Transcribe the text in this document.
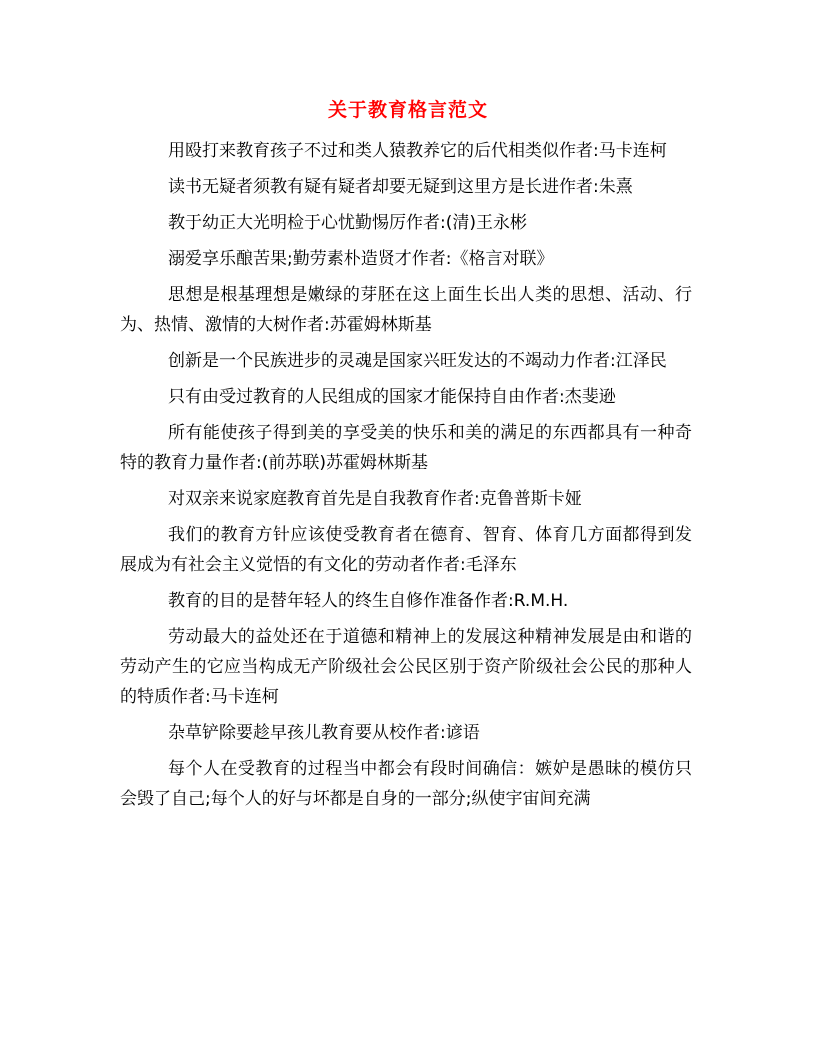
关于教育格言范文

用殴打来教育孩子不过和类人猿教养它的后代相类似作者:马卡连柯

读书无疑者须教有疑有疑者却要无疑到这里方是长进作者:朱熹

教于幼正大光明检于心忧勤惕厉作者:(清)王永彬

溺爱享乐酿苦果;勤劳素朴造贤才作者:《格言对联》

思想是根基理想是嫩绿的芽胚在这上面生长出人类的思想、活动、行为、热情、激情的大树作者:苏霍姆林斯基

创新是一个民族进步的灵魂是国家兴旺发达的不竭动力作者:江泽民

只有由受过教育的人民组成的国家才能保持自由作者:杰斐逊

所有能使孩子得到美的享受美的快乐和美的满足的东西都具有一种奇特的教育力量作者:(前苏联)苏霍姆林斯基

对双亲来说家庭教育首先是自我教育作者:克鲁普斯卡娅

我们的教育方针应该使受教育者在德育、智育、体育几方面都得到发展成为有社会主义觉悟的有文化的劳动者作者:毛泽东

教育的目的是替年轻人的终生自修作准备作者:R.M.H.

劳动最大的益处还在于道德和精神上的发展这种精神发展是由和谐的劳动产生的它应当构成无产阶级社会公民区别于资产阶级社会公民的那种人的特质作者:马卡连柯

杂草铲除要趁早孩儿教育要从校作者:谚语

每个人在受教育的过程当中都会有段时间确信：嫉妒是愚昧的模仿只会毁了自己;每个人的好与坏都是自身的一部分;纵使宇宙间充满
